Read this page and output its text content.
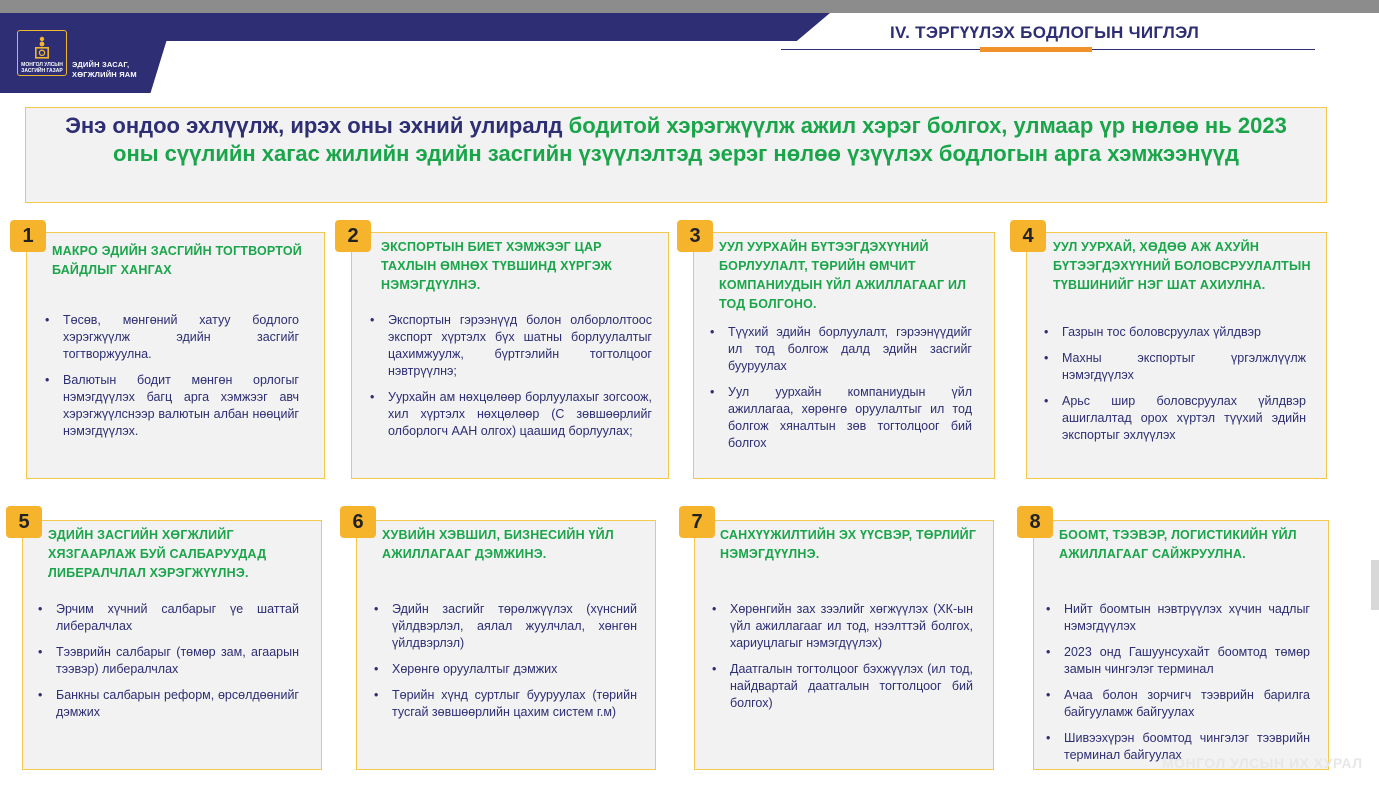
МОНГОЛ УЛСЫН ЗАСГИЙН ГАЗАР
ЭДИЙН ЗАСАГ,
ХӨГЖЛИЙН ЯАМ
IV. ТЭРГҮҮЛЭХ БОДЛОГЫН ЧИГЛЭЛ
Энэ ондоо эхлүүлж, ирэх оны эхний улиралд бодитой хэрэгжүүлж ажил хэрэг болгох, улмаар үр нөлөө нь 2023 оны сүүлийн хагас жилийн эдийн засгийн үзүүлэлтэд эерэг нөлөө үзүүлэх бодлогын арга хэмжээнүүд
1
МАКРО ЭДИЙН ЗАСГИЙН ТОГТВОРТОЙ БАЙДЛЫГ ХАНГАХ
• Төсөв, мөнгөний хатуу бодлого хэрэгжүүлж эдийн засгийг тогтворжуулна.
• Валютын бодит мөнгөн орлогыг нэмэгдүүлэх багц арга хэмжээг авч хэрэгжүүлснээр валютын албан нөөцийг нэмэгдүүлэх.
2	ЭКСПОРТЫН БИЕТ ХЭМЖЭЭГ ЦАР ТАХЛЫН ӨМНӨХ ТҮВШИНД ХҮРГЭЖ НЭМЭГДҮҮЛНЭ.
• Экспортын гэрээнүүд болон олборлолтоос экспорт хүртэлх бүх шатны борлуулалтыг цахимжуулж, бүртгэлийн тогтолцоог нэвтрүүлнэ;
• Уурхайн ам нөхцөлөөр борлуулахыг зогсоож, хил хүртэлх нөхцөлөөр (С зөвшөөрлийг олборлогч ААН олгох) цаашид борлуулах;
3	УУЛ УУРХАЙН БҮТЭЭГДЭХҮҮНИЙ БОРЛУУЛАЛТ, ТӨРИЙН ӨМЧИТ КОМПАНИУДЫН ҮЙЛ АЖИЛЛАГААГ ИЛ ТОД БОЛГОНО.
• Түүхий эдийн борлуулалт, гэрээнүүдийг ил тод болгож далд эдийн засгийг бууруулах
• Уул уурхайн компаниудын үйл ажиллагаа, хөрөнгө оруулалтыг ил тод болгож хяналтын зөв тогтолцоог бий болгох
4	УУЛ УУРХАЙ, ХӨДӨӨ АЖ АХУЙН БҮТЭЭГДЭХҮҮНИЙ БОЛОВСРУУЛАЛТЫН ТҮВШИНИЙГ НЭГ ШАТ АХИУЛНА.
• Газрын тос боловсруулах үйлдвэр
• Махны экспортыг үргэлжлүүлж нэмэгдүүлэх
• Арьс шир боловсруулах үйлдвэр ашиглалтад орох хүртэл түүхий эдийн экспортыг эхлүүлэх
5
ЭДИЙН ЗАСГИЙН ХӨГЖЛИЙГ ХЯЗГААРЛАЖ БУЙ САЛБАРУУДАД ЛИБЕРАЛЧЛАЛ ХЭРЭГЖҮҮЛНЭ.
• Эрчим хүчний салбарыг үе шаттай либералчлах
• Тээврийн салбарыг (төмөр зам, агаарын тээвэр) либералчлах
• Банкны салбарын реформ, өрсөлдөөнийг дэмжих
6
ХУВИЙН ХЭВШИЛ, БИЗНЕСИЙН ҮЙЛ АЖИЛЛАГААГ ДЭМЖИНЭ.
• Эдийн засгийг төрөлжүүлэх (хүнсний үйлдвэрлэл, аялал жуулчлал, хөнгөн үйлдвэрлэл)
• Хөрөнгө оруулалтыг дэмжих
• Төрийн хүнд суртлыг бууруулах (төрийн тусгай зөвшөөрлийн цахим систем г.м)
7
САНХҮҮЖИЛТИЙН ЭХ ҮҮСВЭР, ТӨРЛИЙГ НЭМЭГДҮҮЛНЭ.
• Хөрөнгийн зах зээлийг хөгжүүлэх (ХК-ын үйл ажиллагааг ил тод, нээлттэй болгох, хариуцлагыг нэмэгдүүлэх)
• Даатгалын тогтолцоог бэхжүүлэх (ил тод, найдвартай даатгалын тогтолцоог бий болгох)
8
БООМТ, ТЭЭВЭР, ЛОГИСТИКИЙН ҮЙЛ АЖИЛЛАГААГ САЙЖРУУЛНА.
• Нийт боомтын нэвтрүүлэх хүчин чадлыг нэмэгдүүлэх
• 2023 онд Гашуунсухайт боомтод төмөр замын чингэлэг терминал
• Ачаа болон зорчигч тээврийн барилга байгууламж байгуулах
• Шивээхүрэн боомтод чингэлэг тээврийн терминал байгуулах
МОНГОЛ УЛСЫН ИХ ХУРАЛ
